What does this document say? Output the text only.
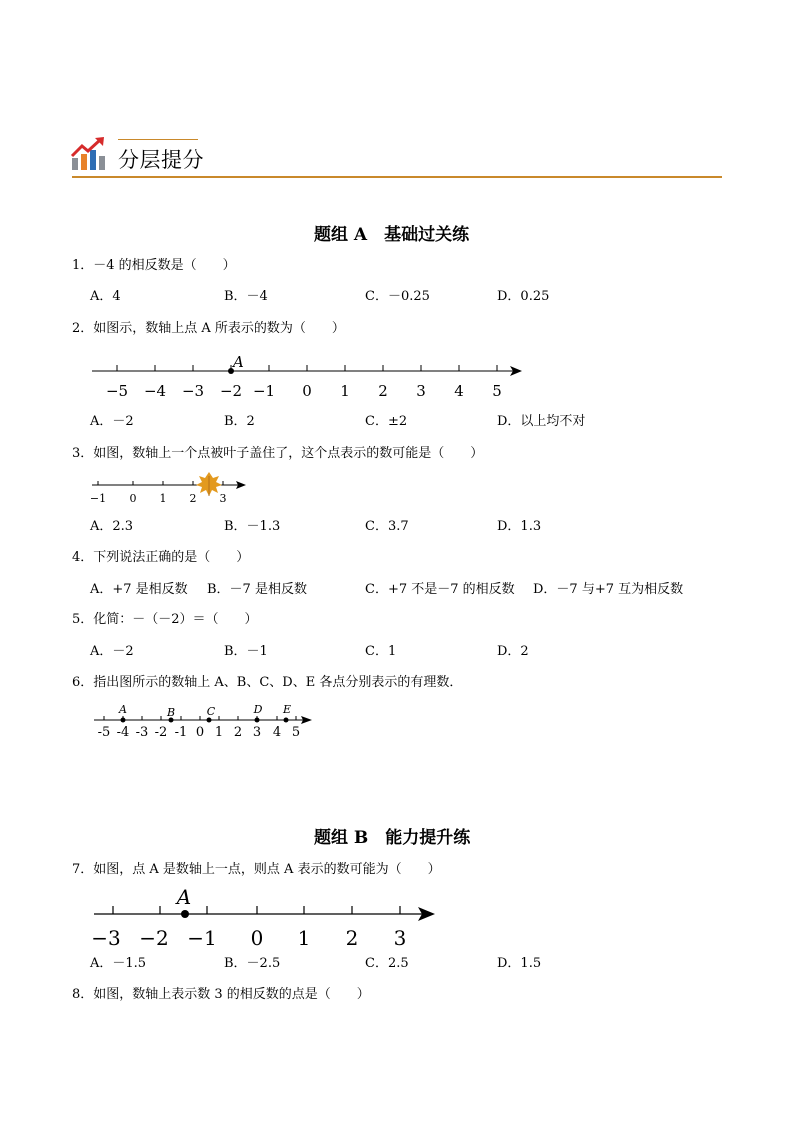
分层提分
题组 A　基础过关练
1．－4 的相反数是（　　）
A．4	B．－4	C．－0.25	D．0.25
2．如图示，数轴上点 A 所表示的数为（　　）
A
−5 −4 −3 −2 −1 0 1 2 3 4 5
A．－2	B．2	C．±2	D．以上均不对
3．如图，数轴上一个点被叶子盖住了，这个点表示的数可能是（　　）
−1 0 1 2 3
A．2.3	B．－1.3	C．3.7	D．1.3
4．下列说法正确的是（　　）
A．+7 是相反数 B．－7 是相反数	C．+7 不是－7 的相反数 D．－7 与+7 互为相反数
5．化简：－（－2）＝（　　）
A．－2	B．－1	C．1	D．2
6．指出图所示的数轴上 A、B、C、D、E 各点分别表示的有理数．
A	B	C	D E
-5 -4 -3 -2 -1 0 1 2 3 4 5
题组 B　能力提升练
7．如图，点 A 是数轴上一点，则点 A 表示的数可能为（　　）
A
−3 −2 −1 0 1 2 3
A．－1.5	B．－2.5	C．2.5	D．1.5
8．如图，数轴上表示数 3 的相反数的点是（　　）
